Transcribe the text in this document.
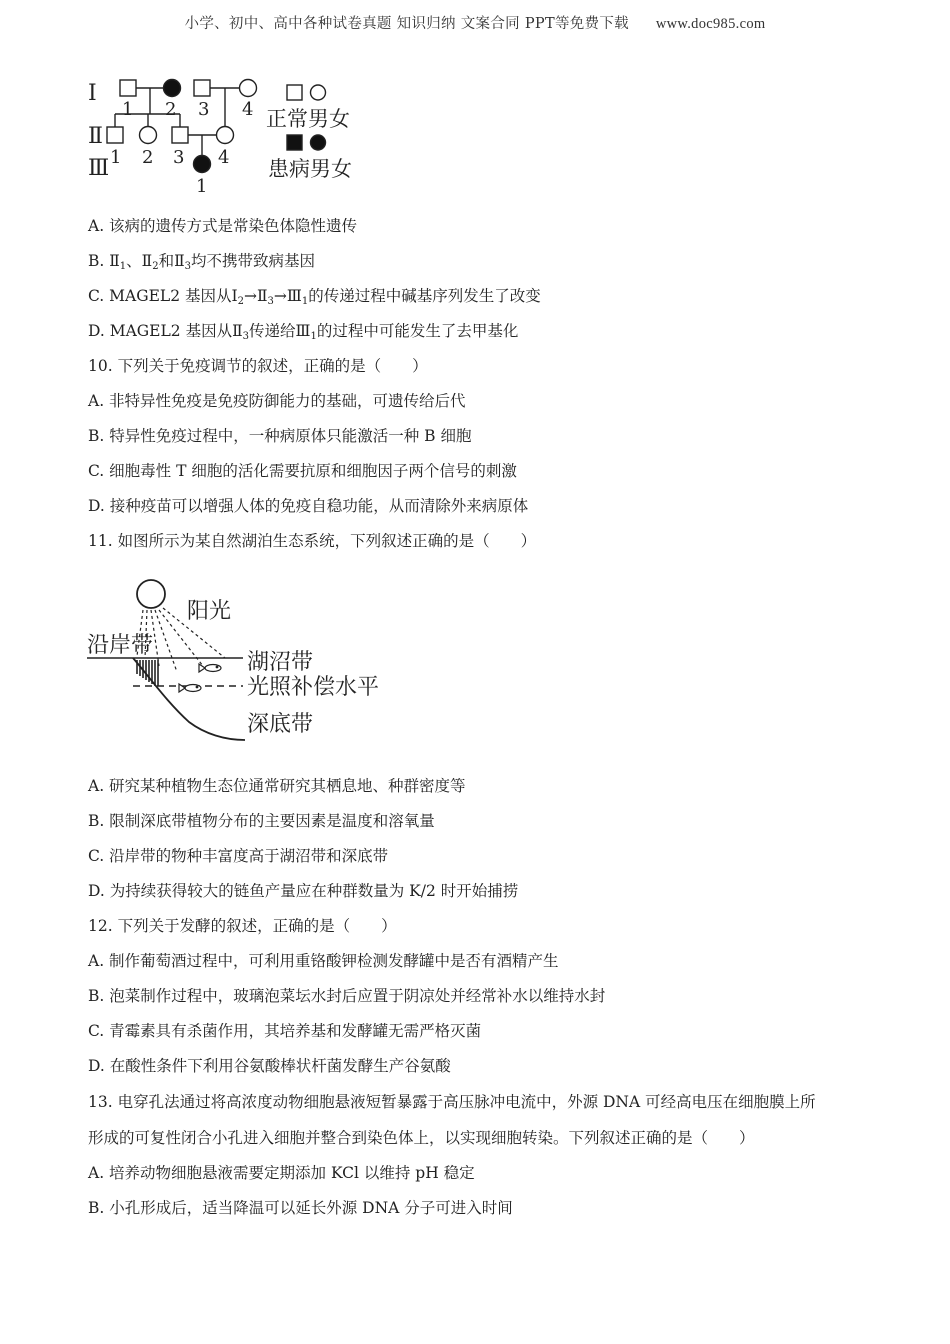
小学、初中、高中各种试卷真题 知识归纳 文案合同 PPT等免费下载 www.doc985.com
Ⅰ
Ⅱ
Ⅲ
1 2 3 4
1 2 3 4
1
正常男女
患病男女
A. 该病的遗传方式是常染色体隐性遗传
B. $Ⅱ_1$、$Ⅱ_2$和$Ⅱ_3$均不携带致病基因
C. MAGEL2 基因从$Ⅰ_2\to Ⅱ_3\to Ⅲ_1$的传递过程中碱基序列发生了改变
D. MAGEL2 基因从$Ⅱ_3$传递给$Ⅲ_1$的过程中可能发生了去甲基化
10. 下列关于免疫调节的叙述，正确的是（　　）
A. 非特异性免疫是免疫防御能力的基础，可遗传给后代
B. 特异性免疫过程中，一种病原体只能激活一种 B 细胞
C. 细胞毒性 T 细胞的活化需要抗原和细胞因子两个信号的刺激
D. 接种疫苗可以增强人体的免疫自稳功能，从而清除外来病原体
11. 如图所示为某自然湖泊生态系统，下列叙述正确的是（　　）
阳光
沿岸带
湖沼带
光照补偿水平
深底带
A. 研究某种植物生态位通常研究其栖息地、种群密度等
B. 限制深底带植物分布的主要因素是温度和溶氧量
C. 沿岸带的物种丰富度高于湖沼带和深底带
D. 为持续获得较大的链鱼产量应在种群数量为 K/2 时开始捕捞
12. 下列关于发酵的叙述，正确的是（　　）
A. 制作葡萄酒过程中，可利用重铬酸钾检测发酵罐中是否有酒精产生
B. 泡菜制作过程中，玻璃泡菜坛水封后应置于阴凉处并经常补水以维持水封
C. 青霉素具有杀菌作用，其培养基和发酵罐无需严格灭菌
D. 在酸性条件下利用谷氨酸棒状杆菌发酵生产谷氨酸
13. 电穿孔法通过将高浓度动物细胞悬液短暂暴露于高压脉冲电流中，外源 DNA 可经高电压在细胞膜上所
形成的可复性闭合小孔进入细胞并整合到染色体上，以实现细胞转染。下列叙述正确的是（　　）
A. 培养动物细胞悬液需要定期添加 KCl 以维持 pH 稳定
B. 小孔形成后，适当降温可以延长外源 DNA 分子可进入时间
